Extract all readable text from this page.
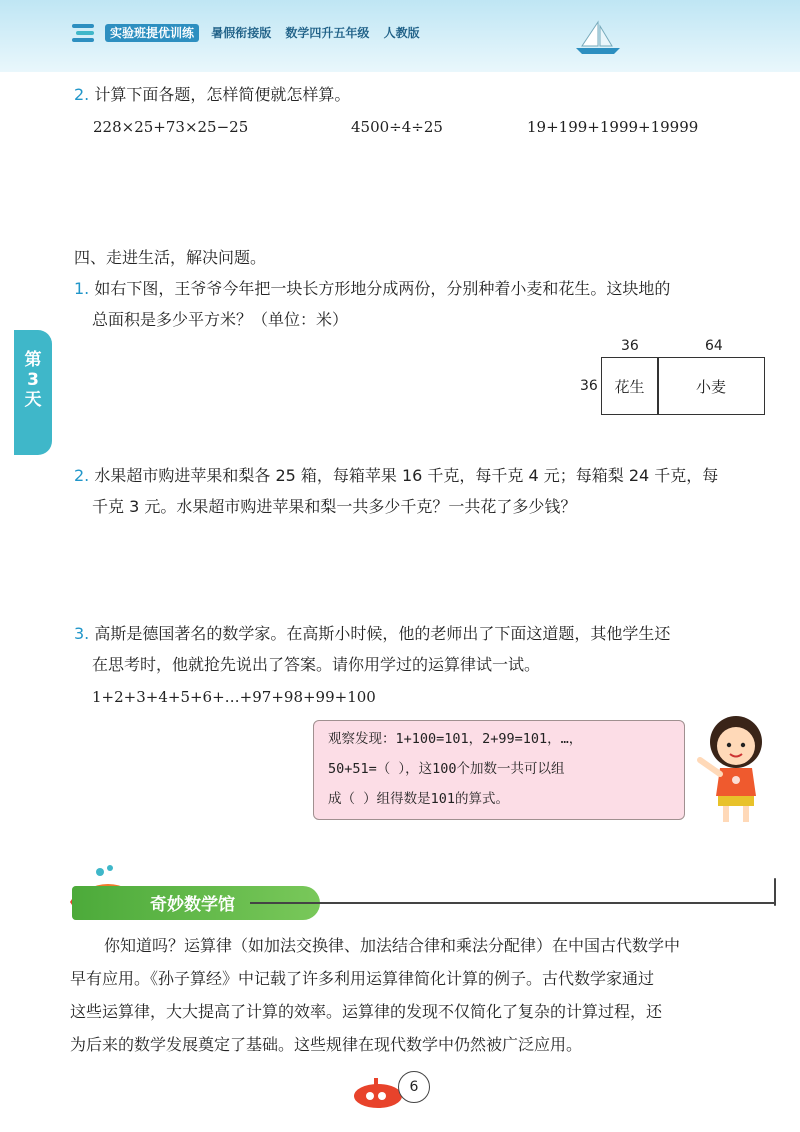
实验班提优训练 暑假衔接版 数学四升五年级 人教版
2. 计算下面各题，怎样简便就怎样算。
228×25+73×25−25	4500÷4÷25	19+199+1999+19999
四、走进生活，解决问题。
1. 如右下图，王爷爷今年把一块长方形地分成两份，分别种着小麦和花生。这块地的
总面积是多少平方米？（单位：米）
36	64
36	花生	小麦
第
3
天
2. 水果超市购进苹果和梨各 25 箱，每箱苹果 16 千克，每千克 4 元；每箱梨 24 千克，每
千克 3 元。水果超市购进苹果和梨一共多少千克？一共花了多少钱？
3. 高斯是德国著名的数学家。在高斯小时候，他的老师出了下面这道题，其他学生还
在思考时，他就抢先说出了答案。请你用学过的运算律试一试。
1+2+3+4+5+6+…+97+98+99+100
观察发现：1+100=101，2+99=101，…，
50+51=（ ），这100个加数一共可以组
成（ ）组得数是101的算式。
奇妙数学馆
你知道吗？运算律（如加法交换律、加法结合律和乘法分配律）在中国古代数学中
早有应用。《孙子算经》中记载了许多利用运算律简化计算的例子。古代数学家通过
这些运算律，大大提高了计算的效率。运算律的发现不仅简化了复杂的计算过程，还
为后来的数学发展奠定了基础。这些规律在现代数学中仍然被广泛应用。
6
